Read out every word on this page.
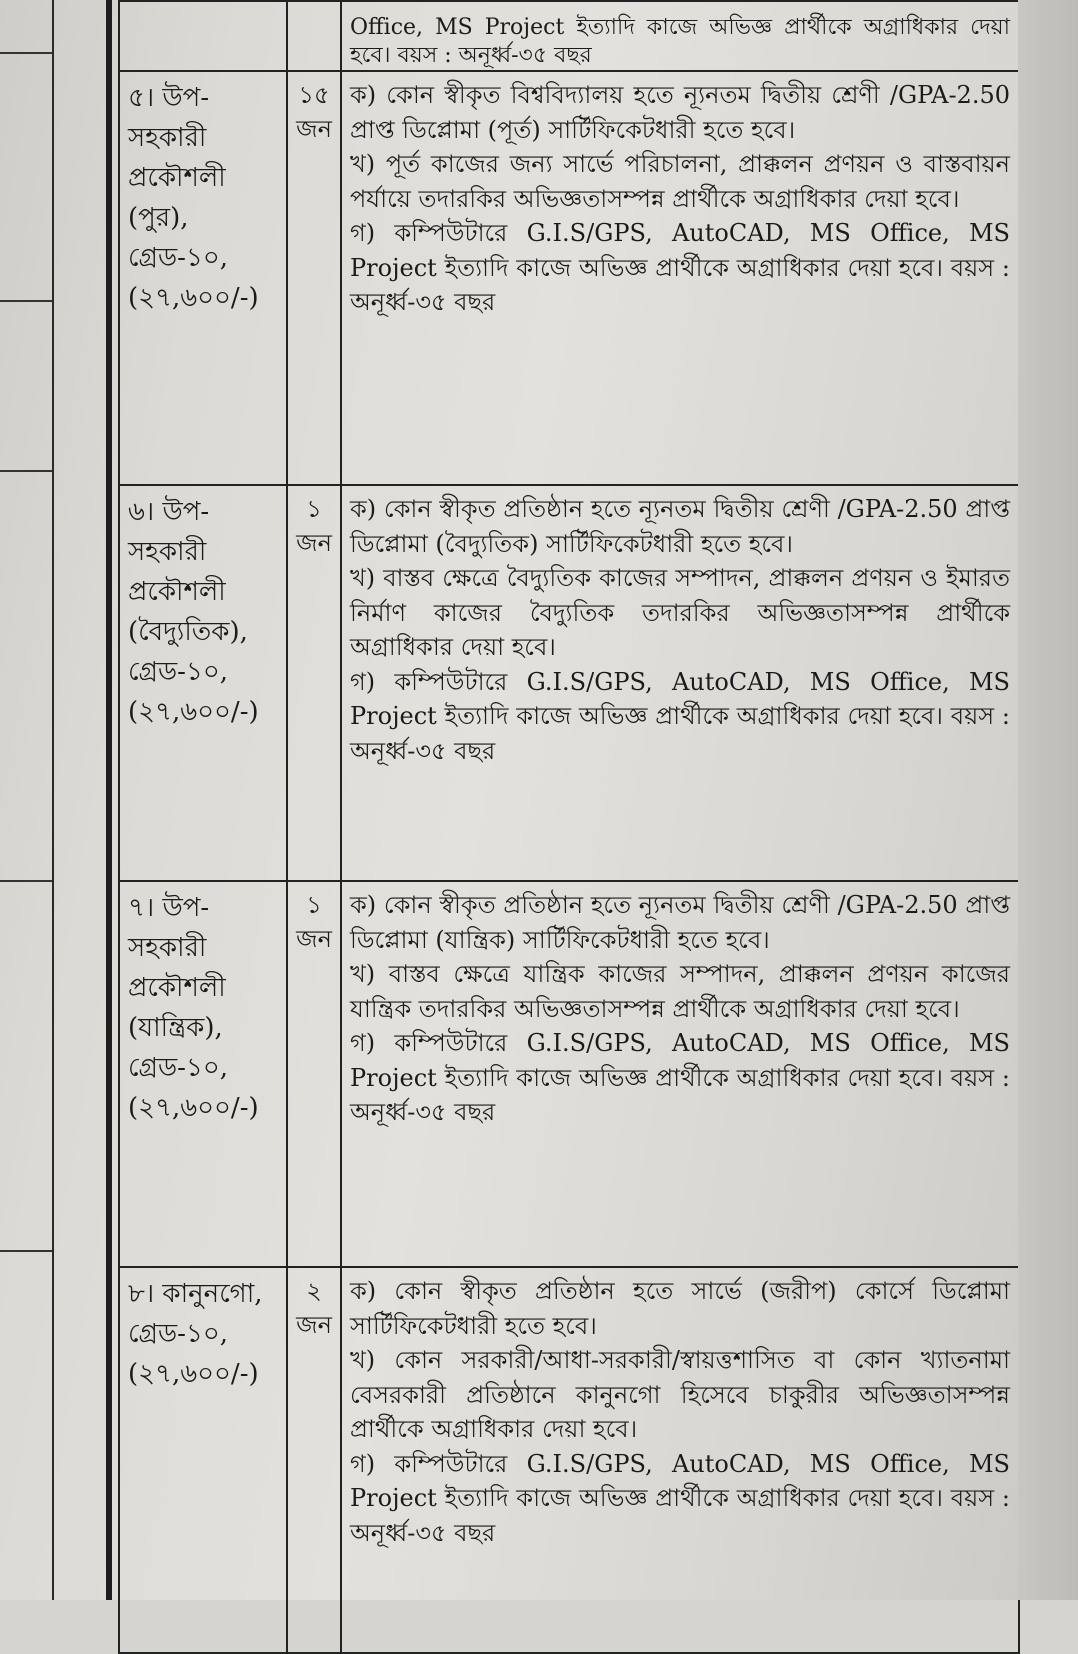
		Office, MS Project ইত্যাদি কাজে অভিজ্ঞ প্রার্থীকে অগ্রাধিকার দেয়া হবে। বয়স : অনূর্ধ্ব-৩৫ বছর
৫। উপ-সহকারী প্রকৌশলী (পুর), গ্রেড-১০, (২৭,৬০০/-)	১৫ জন	ক) কোন স্বীকৃত বিশ্ববিদ্যালয় হতে ন্যূনতম দ্বিতীয় শ্রেণী /GPA-2.50 প্রাপ্ত ডিপ্লোমা (পূর্ত) সার্টিফিকেটধারী হতে হবে।
খ) পূর্ত কাজের জন্য সার্ভে পরিচালনা, প্রাক্কলন প্রণয়ন ও বাস্তবায়ন পর্যায়ে তদারকির অভিজ্ঞতাসম্পন্ন প্রার্থীকে অগ্রাধিকার দেয়া হবে।
গ) কম্পিউটারে G.I.S/GPS, AutoCAD, MS Office, MS Project ইত্যাদি কাজে অভিজ্ঞ প্রার্থীকে অগ্রাধিকার দেয়া হবে। বয়স : অনূর্ধ্ব-৩৫ বছর

৬। উপ-সহকারী প্রকৌশলী (বৈদ্যুতিক), গ্রেড-১০, (২৭,৬০০/-)	১ জন	ক) কোন স্বীকৃত প্রতিষ্ঠান হতে ন্যূনতম দ্বিতীয় শ্রেণী /GPA-2.50 প্রাপ্ত ডিপ্লোমা (বৈদ্যুতিক) সার্টিফিকেটধারী হতে হবে।
খ) বাস্তব ক্ষেত্রে বৈদ্যুতিক কাজের সম্পাদন, প্রাক্কলন প্রণয়ন ও ইমারত নির্মাণ কাজের বৈদ্যুতিক তদারকির অভিজ্ঞতাসম্পন্ন প্রার্থীকে অগ্রাধিকার দেয়া হবে।
গ) কম্পিউটারে G.I.S/GPS, AutoCAD, MS Office, MS Project ইত্যাদি কাজে অভিজ্ঞ প্রার্থীকে অগ্রাধিকার দেয়া হবে। বয়স : অনূর্ধ্ব-৩৫ বছর

৭। উপ-সহকারী প্রকৌশলী (যান্ত্রিক), গ্রেড-১০, (২৭,৬০০/-)	১ জন	ক) কোন স্বীকৃত প্রতিষ্ঠান হতে ন্যূনতম দ্বিতীয় শ্রেণী /GPA-2.50 প্রাপ্ত ডিপ্লোমা (যান্ত্রিক) সার্টিফিকেটধারী হতে হবে।
খ) বাস্তব ক্ষেত্রে যান্ত্রিক কাজের সম্পাদন, প্রাক্কলন প্রণয়ন কাজের যান্ত্রিক তদারকির অভিজ্ঞতাসম্পন্ন প্রার্থীকে অগ্রাধিকার দেয়া হবে।
গ) কম্পিউটারে G.I.S/GPS, AutoCAD, MS Office, MS Project ইত্যাদি কাজে অভিজ্ঞ প্রার্থীকে অগ্রাধিকার দেয়া হবে। বয়স : অনূর্ধ্ব-৩৫ বছর

৮। কানুনগো, গ্রেড-১০, (২৭,৬০০/-)	২ জন	ক) কোন স্বীকৃত প্রতিষ্ঠান হতে সার্ভে (জরীপ) কোর্সে ডিপ্লোমা সার্টিফিকেটধারী হতে হবে।
খ) কোন সরকারী/আধা-সরকারী/স্বায়ত্তশাসিত বা কোন খ্যাতনামা বেসরকারী প্রতিষ্ঠানে কানুনগো হিসেবে চাকুরীর অভিজ্ঞতাসম্পন্ন প্রার্থীকে অগ্রাধিকার দেয়া হবে।
গ) কম্পিউটারে G.I.S/GPS, AutoCAD, MS Office, MS Project ইত্যাদি কাজে অভিজ্ঞ প্রার্থীকে অগ্রাধিকার দেয়া হবে। বয়স : অনূর্ধ্ব-৩৫ বছর
